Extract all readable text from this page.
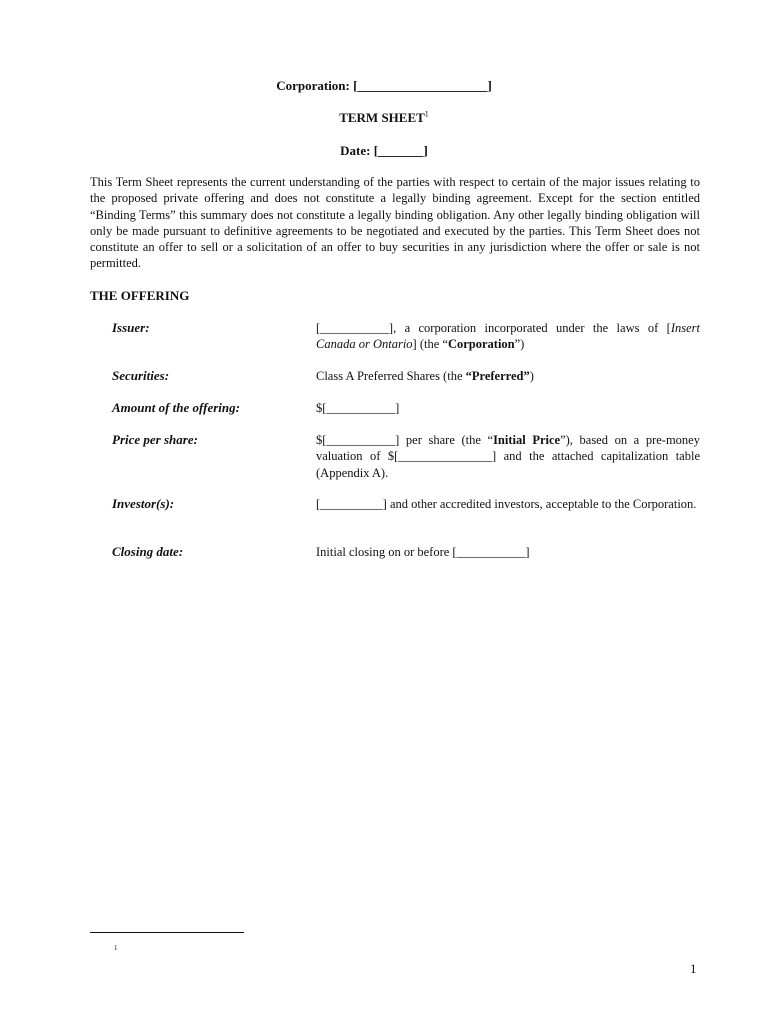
Corporation: [____________________]
TERM SHEET$^1$
Date: [_______]
This Term Sheet represents the current understanding of the parties with respect to certain of the major issues relating to the proposed private offering and does not constitute a legally binding agreement. Except for the section entitled “Binding Terms” this summary does not constitute a legally binding obligation. Any other legally binding obligation will only be made pursuant to definitive agreements to be negotiated and executed by the parties. This Term Sheet does not constitute an offer to sell or a solicitation of an offer to buy securities in any jurisdiction where the offer or sale is not permitted.
THE OFFERING
Issuer:	[___________], a corporation incorporated under the laws of [Insert Canada or Ontario] (the “Corporation”)
Securities:	Class A Preferred Shares (the “Preferred”)
Amount of the offering:	$[___________]
Price per share:	$[___________] per share (the “Initial Price”), based on a pre-money valuation of $[_______________] and the attached capitalization table (Appendix A).
Investor(s):	[__________] and other accredited investors, acceptable to the Corporation.
Closing date:	Initial closing on or before [___________]
1
1
